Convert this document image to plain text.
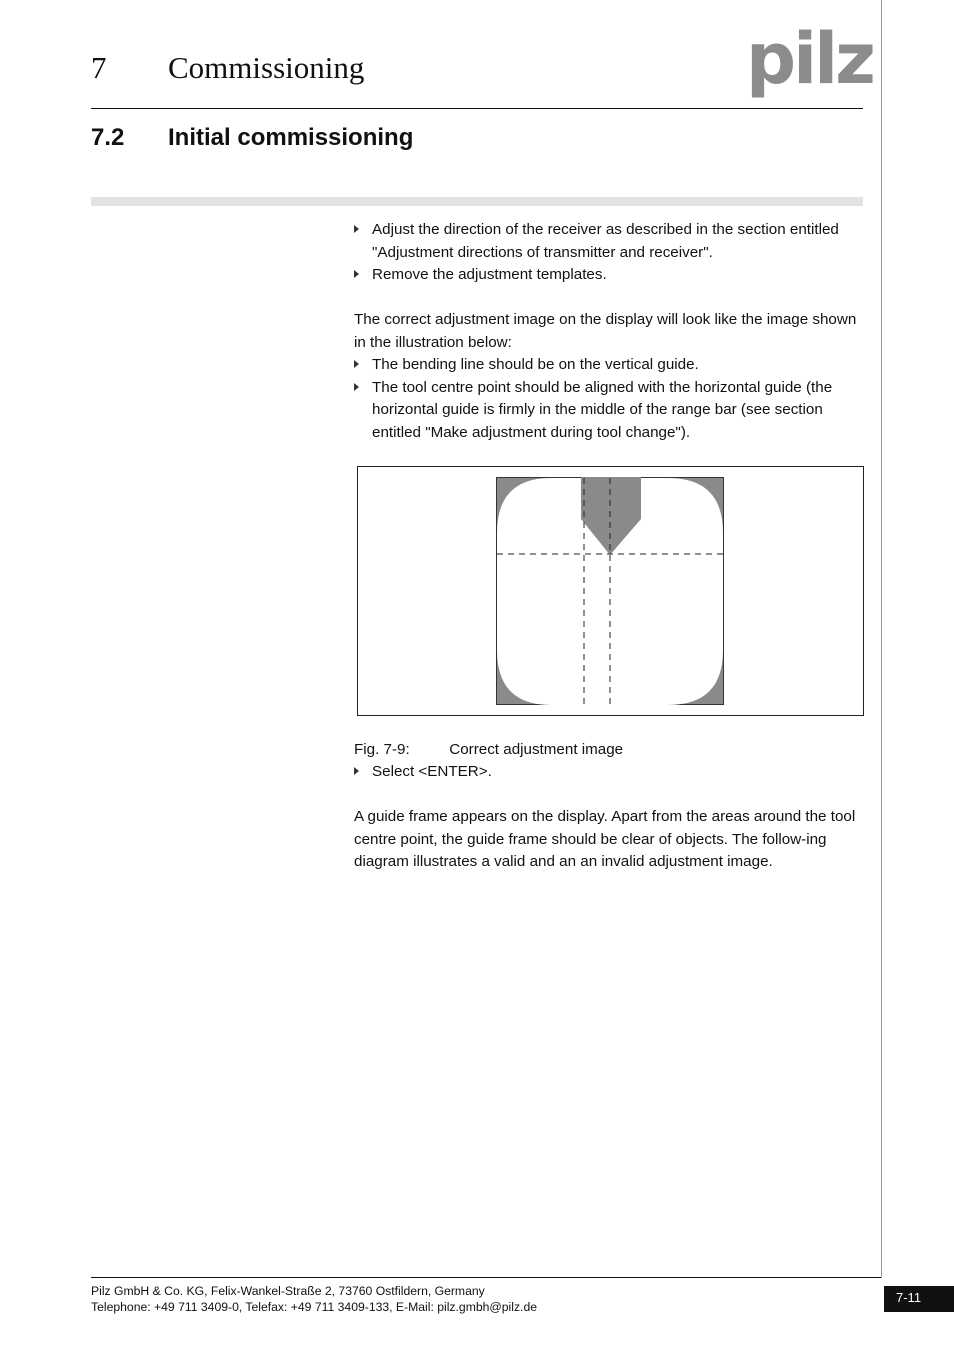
7 Commissioning	pilz
7.2 Initial commissioning
Adjust the direction of the receiver as described in the section entitled "Adjustment directions of transmitter and receiver".
Remove the adjustment templates.
The correct adjustment image on the display will look like the image shown in the illustration below:
The bending line should be on the vertical guide.
The tool centre point should be aligned with the horizontal guide (the horizontal guide is firmly in the middle of the range bar (see section entitled "Make adjustment during tool change").
Fig. 7-9:	Correct adjustment image
Select <ENTER>.
A guide frame appears on the display. Apart from the areas around the tool centre point, the guide frame should be clear of objects. The follow-ing diagram illustrates a valid and an an invalid adjustment image.
Pilz GmbH & Co. KG, Felix-Wankel-Straße 2, 73760 Ostfildern, Germany
Telephone: +49 711 3409-0, Telefax: +49 711 3409-133, E-Mail: pilz.gmbh@pilz.de
7-11
